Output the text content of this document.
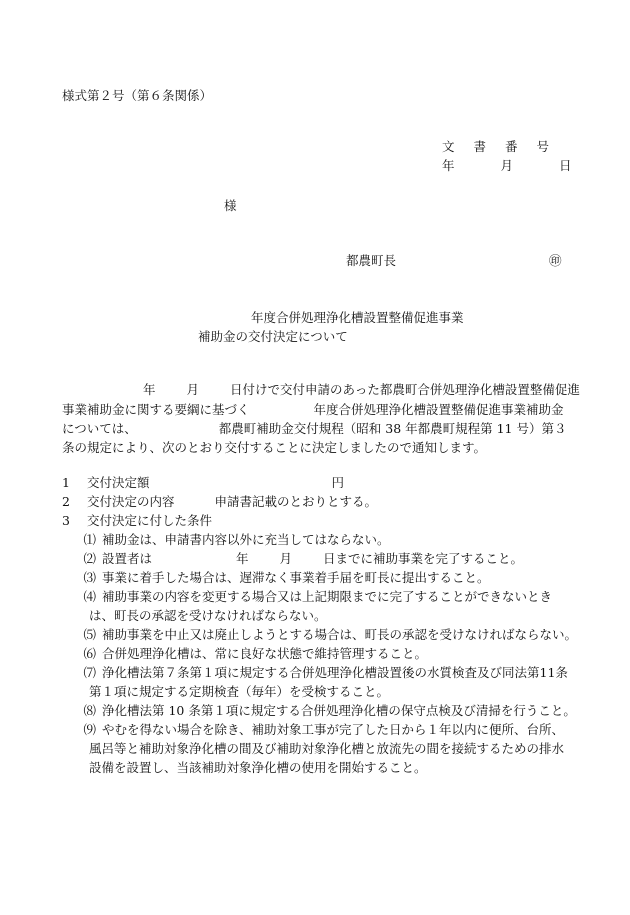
様式第２号（第６条関係）
文 書 番 号
年	月	日
様
都農町長	㊞
年度合併処理浄化槽設置整備促進事業
補助金の交付決定について
年 月 日付けで交付申請のあった都農町合併処理浄化槽設置整備促進
事業補助金に関する要綱に基づく	年度合併処理浄化槽設置整備促進事業補助金
については、	都農町補助金交付規程（昭和 38 年都農町規程第 11 号）第３
条の規定により、次のとおり交付することに決定しましたので通知します。
1 交付決定額	円
2 交付決定の内容	申請書記載のとおりとする。
3 交付決定に付した条件
⑴ 補助金は、申請書内容以外に充当してはならない。
⑵ 設置者は	年 月 日までに補助事業を完了すること。
⑶ 事業に着手した場合は、遅滞なく事業着手届を町長に提出すること。
⑷ 補助事業の内容を変更する場合又は上記期限までに完了することができないとき
は、町長の承認を受けなければならない。
⑸ 補助事業を中止又は廃止しようとする場合は、町長の承認を受けなければならない。
⑹ 合併処理浄化槽は、常に良好な状態で維持管理すること。
⑺ 浄化槽法第７条第１項に規定する合併処理浄化槽設置後の水質検査及び同法第11条
第１項に規定する定期検査（毎年）を受検すること。
⑻ 浄化槽法第 10 条第１項に規定する合併処理浄化槽の保守点検及び清掃を行うこと。
⑼ やむを得ない場合を除き、補助対象工事が完了した日から１年以内に便所、台所、
風呂等と補助対象浄化槽の間及び補助対象浄化槽と放流先の間を接続するための排水
設備を設置し、当該補助対象浄化槽の使用を開始すること。
